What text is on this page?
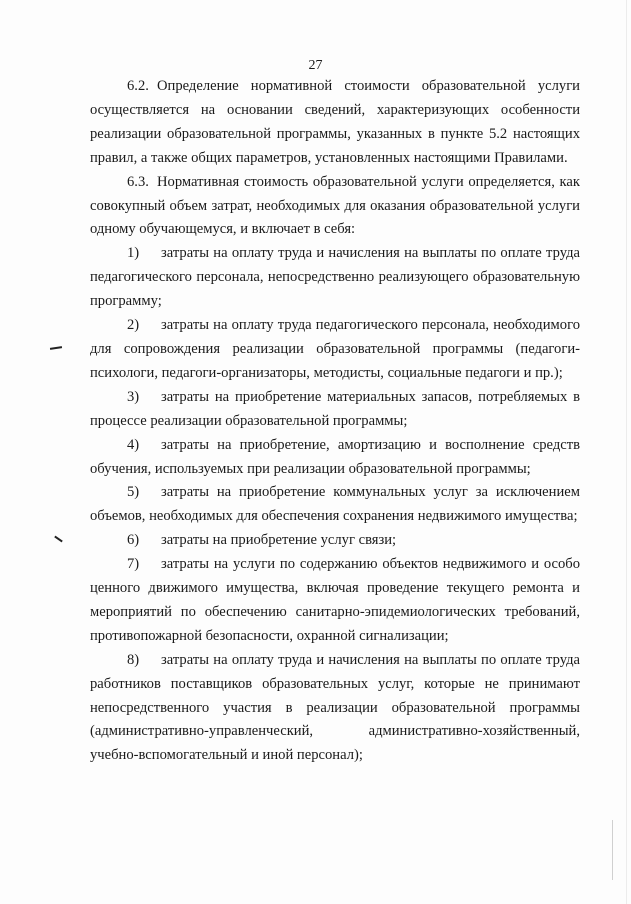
27

6.2. Определение нормативной стоимости образовательной услуги осуществляется на основании сведений, характеризующих особенности реализации образовательной программы, указанных в пункте 5.2 настоящих правил, а также общих параметров, установленных настоящими Правилами.

6.3. Нормативная стоимость образовательной услуги определяется, как совокупный объем затрат, необходимых для оказания образовательной услуги одному обучающемуся, и включает в себя:

1) затраты на оплату труда и начисления на выплаты по оплате труда педагогического персонала, непосредственно реализующего образовательную программу;

2) затраты на оплату труда педагогического персонала, необходимого для сопровождения реализации образовательной программы (педагоги-психологи, педагоги-организаторы, методисты, социальные педагоги и пр.);

3) затраты на приобретение материальных запасов, потребляемых в процессе реализации образовательной программы;

4) затраты на приобретение, амортизацию и восполнение средств обучения, используемых при реализации образовательной программы;

5) затраты на приобретение коммунальных услуг за исключением объемов, необходимых для обеспечения сохранения недвижимого имущества;

6) затраты на приобретение услуг связи;

7) затраты на услуги по содержанию объектов недвижимого и особо ценного движимого имущества, включая проведение текущего ремонта и мероприятий по обеспечению санитарно-эпидемиологических требований, противопожарной безопасности, охранной сигнализации;

8) затраты на оплату труда и начисления на выплаты по оплате труда работников поставщиков образовательных услуг, которые не принимают непосредственного участия в реализации образовательной программы (административно-управленческий, административно-хозяйственный, учебно-вспомогательный и иной персонал);
